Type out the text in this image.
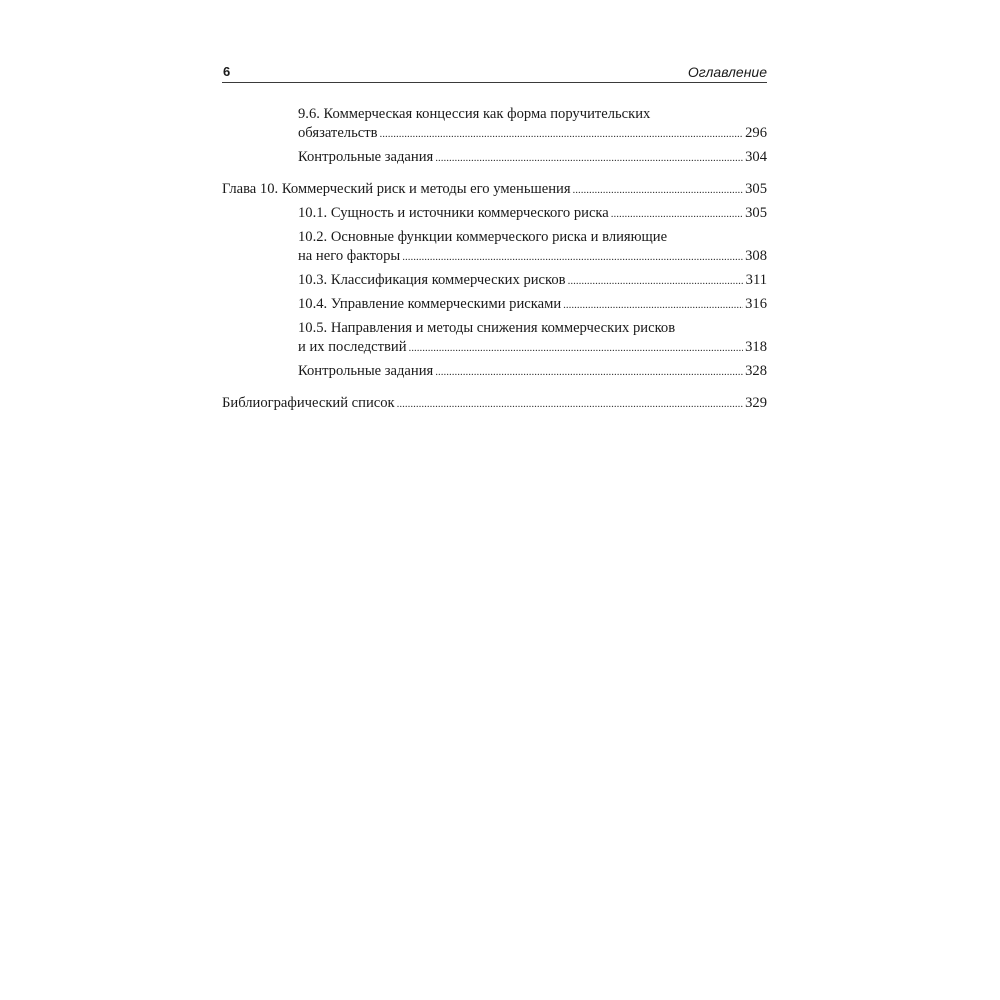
6	Оглавление
9.6. Коммерческая концессия как форма поручительских
обязательств .....	296
Контрольные задания .....	304
Глава 10. Коммерческий риск и методы его уменьшения .....	305
10.1. Сущность и источники коммерческого риска .....	305
10.2. Основные функции коммерческого риска и влияющие
на него факторы .....	308
10.3. Классификация коммерческих рисков .....	311
10.4. Управление коммерческими рисками .....	316
10.5. Направления и методы снижения коммерческих рисков
и их последствий .....	318
Контрольные задания .....	328
Библиографический список .....	329
